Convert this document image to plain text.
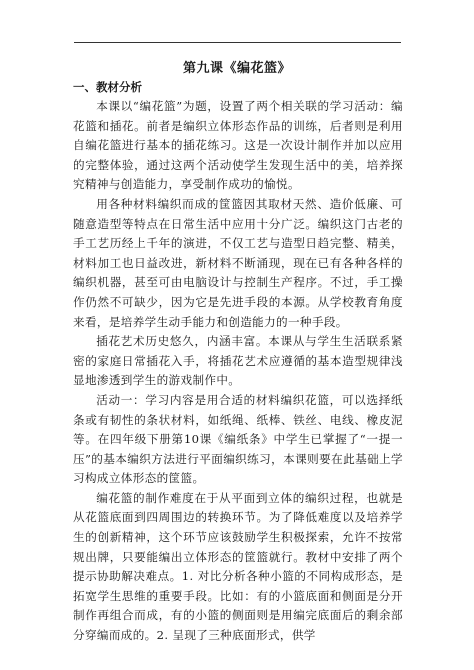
第九课《编花篮》
一、教材分析

本课以“编花篮”为题，设置了两个相关联的学习活动：编花篮和插花。前者是编织立体形态作品的训练，后者则是利用自编花篮进行基本的插花练习。这是一次设计制作并加以应用的完整体验，通过这两个活动使学生发现生活中的美，培养探究精神与创造能力，享受制作成功的愉悦。

用各种材料编织而成的筐篮因其取材天然、造价低廉、可随意造型等特点在日常生活中应用十分广泛。编织这门古老的手工艺历经上千年的演进，不仅工艺与造型日趋完整、精美，材料加工也日益改进，新材料不断涌现，现在已有各种各样的编织机器，甚至可由电脑设计与控制生产程序。不过，手工操作仍然不可缺少，因为它是先进手段的本源。从学校教育角度来看，是培养学生动手能力和创造能力的一种手段。

插花艺术历史悠久，内涵丰富。本课从与学生生活联系紧密的家庭日常插花入手，将插花艺术应遵循的基本造型规律浅显地渗透到学生的游戏制作中。

活动一：学习内容是用合适的材料编织花篮，可以选择纸条或有韧性的条状材料，如纸绳、纸棒、铁丝、电线、橡皮泥等。在四年级下册第10课《编纸条》中学生已掌握了“一提一压”的基本编织方法进行平面编织练习，本课则要在此基础上学习构成立体形态的筐篮。

编花篮的制作难度在于从平面到立体的编织过程，也就是从花篮底面到四周围边的转换环节。为了降低难度以及培养学生的创新精神，这个环节应该鼓励学生积极探索，允许不按常规出牌，只要能编出立体形态的筐篮就行。教材中安排了两个提示协助解决难点。1. 对比分析各种小篮的不同构成形态，是拓宽学生思维的重要手段。比如：有的小篮底面和侧面是分开制作再组合而成，有的小篮的侧面则是用编完底面后的剩余部分穿编而成的。2. 呈现了三种底面形式，供学
